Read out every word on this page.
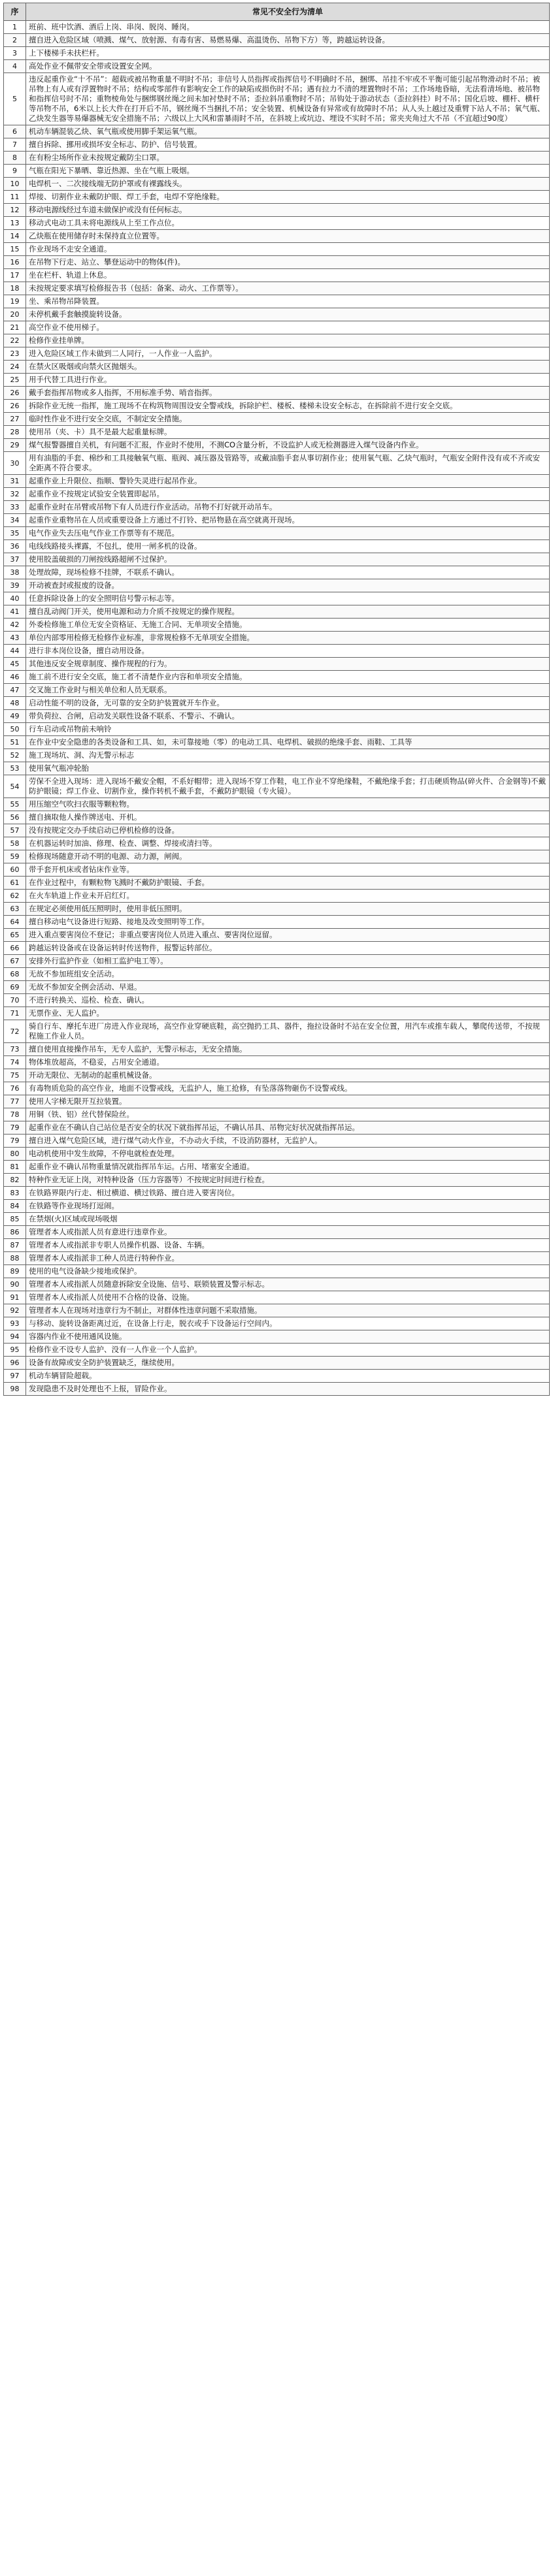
序	常见不安全行为清单
1	班前、班中饮酒、酒后上岗、串岗、脱岗、睡岗。
2	擅自进入危险区域（喷溅、煤气、放射源、有毒有害、易燃易爆、高温烫伤、吊物下方）等，跨越运转设备。
3	上下楼梯手未扶栏杆。
4	高处作业不佩带安全带或设置安全网。
5	违反起重作业“十不吊”：超载或被吊物重量不明时不吊；非信号人员指挥或指挥信号不明确时不吊，捆绑、吊挂不牢或不平衡可能引起吊物滑动时不吊；被吊物上有人或有浮置物时不吊；结构或零部件有影响安全工作的缺陷或损伤时不吊；遇有拉力不清的埋置物时不吊；工作场地昏暗，无法看清场地、被吊物和指挥信号时不吊；重物棱角处与捆绑钢丝绳之间未加衬垫时不吊；歪拉斜吊重物时不吊；吊钩处于游动状态（歪拉斜挂）时不吊；国化后坡、棚杆、横杆等吊物不吊，6米以上长大件在打开后不吊，钢丝绳不当捆扎不吊；安全装置、机械设备有异常或有故障时不吊；从人头上越过及重臂下站人不吊；氧气瓶、乙炔发生器等易爆器械无安全措施不吊；六级以上大风和雷暴雨时不吊，在斜坡上或坑边、埋设不实时不吊；常夹夹角过大不吊（不宜超过90度）
6	机动车辆混装乙炔、氧气瓶或使用脚手架运氧气瓶。
7	擅自拆除、挪用或损坏安全标志、防护、信号装置。
8	在有粉尘场所作业未按规定戴防尘口罩。
9	气瓶在阳光下暴晒、靠近热源、坐在气瓶上吸烟。
10	电焊机一、二次接线端无防护罩或有裸露线头。
11	焊接、切割作业未戴防护眼、焊工手套，电焊不穿绝缘鞋。
12	移动电源线经过车道未做保护或没有任何标志。
13	移动式电动工具未将电源线从上至工作点位。
14	乙炔瓶在使用储存时未保持直立位置等。
15	作业现场不走安全通道。
16	在吊物下行走、站立、攀登运动中的物体(件)。
17	坐在栏杆、轨道上休息。
18	未按规定要求填写检修报告书（包括：备案、动火、工作票等）。
19	坐、乘吊物吊降装置。
20	未停机戴手套触摸旋转设备。
21	高空作业不使用梯子。
22	检修作业挂单牌。
23	进入危险区域工作未做到二人同行，一人作业一人监护。
24	在禁火区吸烟或向禁火区抛烟头。
25	用手代替工具进行作业。
26	戴手套指挥吊物或多人指挥，不用标准手势、哨音指挥。
26	拆除作业无统一指挥，施工现场不在构筑物周围设安全警戒线，拆除护栏、楼板、楼梯未设安全标志，在拆除前不进行安全交底。
27	临时性作业不进行安全交底，不制定安全措施。
28	使用吊（夹、卡）具不是最大起重量标牌。
29	煤气报警器擅自关机，有问题不汇报，作业时不使用，不测CO含量分析，不设监护人或无检测器进入煤气设备内作业。
30	用有油脂的手套、棉纱和工具接触氧气瓶、瓶阀、减压器及管路等，或戴油脂手套从事切割作业；使用氧气瓶、乙炔气瓶时，气瓶安全附件没有或不齐或安全距离不符合要求。
31	起重作业上升限位、指顺、警铃失灵进行起吊作业。
32	起重作业不按规定试验安全装置即起吊。
33	起重作业时在吊臂或吊物下有人员进行作业活动。吊物不打好就开动吊车。
34	起重作业重物吊在人员或重要设备上方通过不打铃、把吊物悬在高空就离开现场。
35	电气作业失去压电气作业工作票等有不规范。
36	电线线路接头裸露，不包扎，使用一闸多机的设备。
37	使用胶盖破损的刀闸按线路超闸不过保护。
38	处理故障，现场检修不挂牌，不联系不确认。
39	开动被查封或报废的设备。
40	任意拆除设备上的安全照明信号警示标志等。
41	擅自乱动阀门开关，使用电源和动力介质不按规定的操作规程。
42	外委检修施工单位无安全资格证、无施工合同、无单项安全措施。
43	单位内部零用检修无检修作业标准，非常规检修不无单项安全措施。
44	进行非本岗位设备，擅自动用设备。
45	其他违反安全规章制度、操作规程的行为。
46	施工前不进行安全交底，施工者不清楚作业内容和单项安全措施。
47	交叉施工作业时与相关单位和人员无联系。
48	启动性能不明的设备，无可靠的安全防护装置就开车作业。
49	带负荷拉、合闸，启动发关联性设备不联系、不警示、不确认。
50	行车启动或吊物前未响铃
51	在作业中安全隐患的各类设备和工具、如，未可靠接地（零）的电动工具、电焊机、破损的绝缘手套、雨鞋、工具等
52	施工现场坑、洞、沟无警示标志
53	使用氧气瓶冲轮胎
54	劳保不全进入现场：进入现场不戴安全帽，不系好帽带；进入现场不穿工作鞋，电工作业不穿绝缘鞋，不戴绝缘手套；打击硬质物品(碎火件、合金钢等)不戴防护眼镜；焊工作业、切割作业，操作转机不戴手套，不戴防护眼镜（专火镜）。
55	用压缩空气吹扫衣服等颗粒物。
56	擅自摘取他人操作牌送电、开机。
57	没有按规定交办手续启动已停机检修的设备。
58	在机器运转时加油、修理、检查、调整、焊接或清扫等。
59	检修现场随意开动不明的电源、动力源，闸阀。
60	带手套开机床或者钻床作业等。
61	在作业过程中，有颗粒物飞溅时不戴防护眼镜、手套。
62	在火车轨道上作业未开启红灯。
63	在规定必须使用低压照明时，使用非低压照明。
64	擅自移动电气设备进行短路、接地及改变照明等工作。
65	进入重点要害岗位不登记；非重点要害岗位人员进入重点、要害岗位逗留。
66	跨越运转设备或在设备运转时传送物件，报警运转部位。
67	安排外行监护作业（如相工监护电工等）。
68	无故不参加班组安全活动。
69	无故不参加安全例会活动、早退。
70	不进行转换关、巡检、检查、确认。
71	无票作业、无人监护。
72	骑自行车、摩托车进厂房进入作业现场，高空作业穿硬底鞋，高空抛扔工具、器件，拖拉设备时不站在安全位置，用汽车或推车载人，攀爬传送带，不按规程施工作业人员。
73	擅自使用直接操作吊车，无专人监护，无警示标志，无安全措施。
74	物体堆放超高，不稳妥，占用安全通道。
75	开动无限位、无制动的起重机械设备。
76	有毒物质危险的高空作业，地面不设警戒线，无监护人，施工抢修，有坠落落物砸伤不设警戒线。
77	使用人字梯无限开互拉装置。
78	用铜（铁、铝）丝代替保险丝。
79	起重作业在不确认自己站位是否安全的状况下就指挥吊运，不确认吊具、吊物完好状况就指挥吊运。
79	擅自进入煤气危险区域，进行煤气动火作业，不办动火手续，不设消防器材，无监护人。
80	电动机使用中发生故障，不停电就检查处理。
81	起重作业不确认吊物重量情况就指挥吊车运。占用、堵塞安全通道。
82	特种作业无证上岗，对特种设备（压力容器等）不按规定时间进行检查。
83	在铁路界限内行走、相过横道、横过铁路、擅自进入要害岗位。
84	在铁路等作业现场打逗闹。
85	在禁烟(火)区域或现场吸烟
86	管理者本人或指派人员有意进行违章作业。
87	管理者本人或指派非专职人员操作机器、设备、车辆。
88	管理者本人或指派非工种人员进行特种作业。
89	使用的电气设备缺少接地或保护。
90	管理者本人或指派人员随意拆除安全设施、信号、联锁装置及警示标志。
91	管理者本人或指派人员使用不合格的设备、设施。
92	管理者本人在现场对违章行为不制止，对群体性违章问题不采取措施。
93	与移动、旋转设备距离过近，在设备上行走，脱衣或手下设备运行空间内。
94	容器内作业不使用通风设施。
95	检修作业不设专人监护、没有一人作业一个人监护。
96	设备有故障或安全防护装置缺乏，继续使用。
97	机动车辆冒险超载。
98	发现隐患不及时处理也不上报，冒险作业。
